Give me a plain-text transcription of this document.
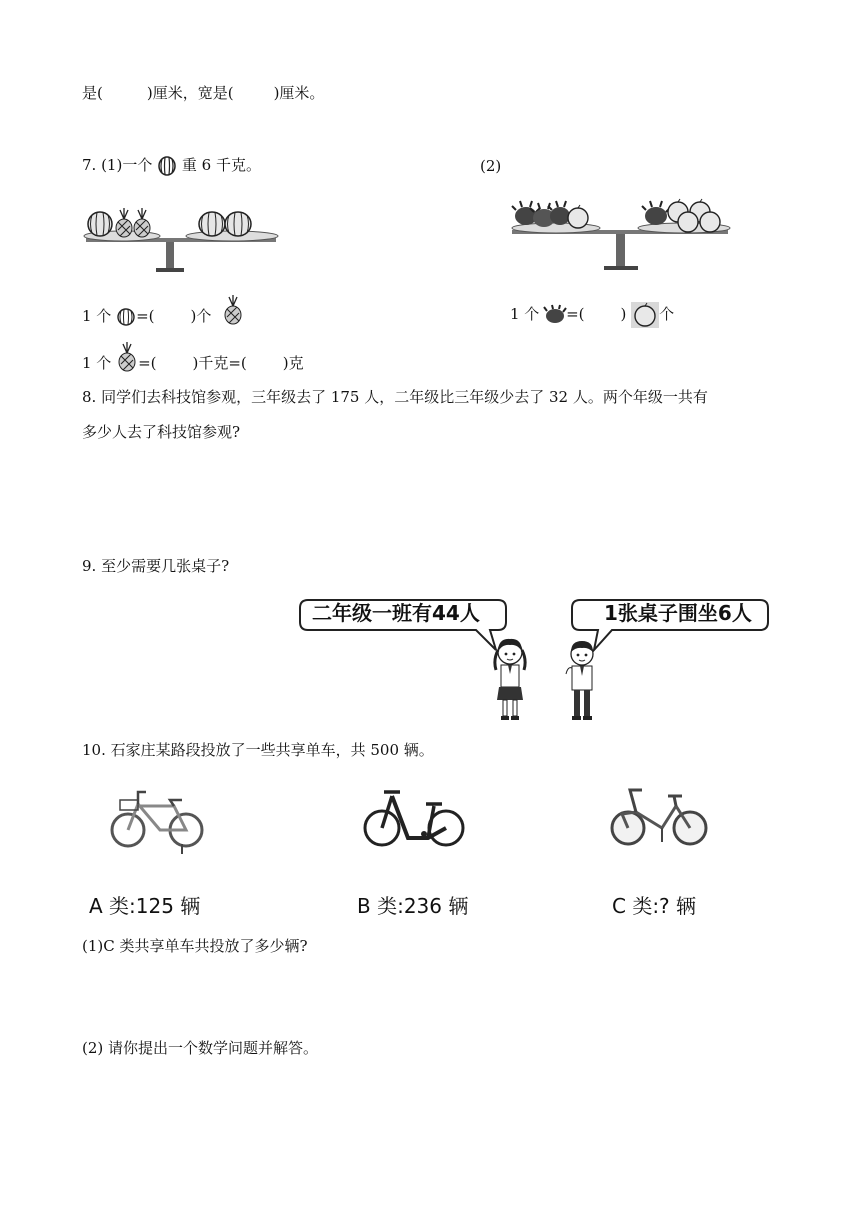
是(	)厘米，宽是(	)厘米。
7. (1)一个 重 6 千克。	(2)
1 个 =( )个	1 个 =( ) 个
1 个 =( )千克=( )克
8. 同学们去科技馆参观，三年级去了 175 人，二年级比三年级少去了 32 人。两个年级一共有
多少人去了科技馆参观?
9. 至少需要几张桌子?
二年级一班有44人	1张桌子围坐6人
10. 石家庄某路段投放了一些共享单车，共 500 辆。
A 类:125 辆	B 类:236 辆	C 类:? 辆
(1)C 类共享单车共投放了多少辆?
(2) 请你提出一个数学问题并解答。
